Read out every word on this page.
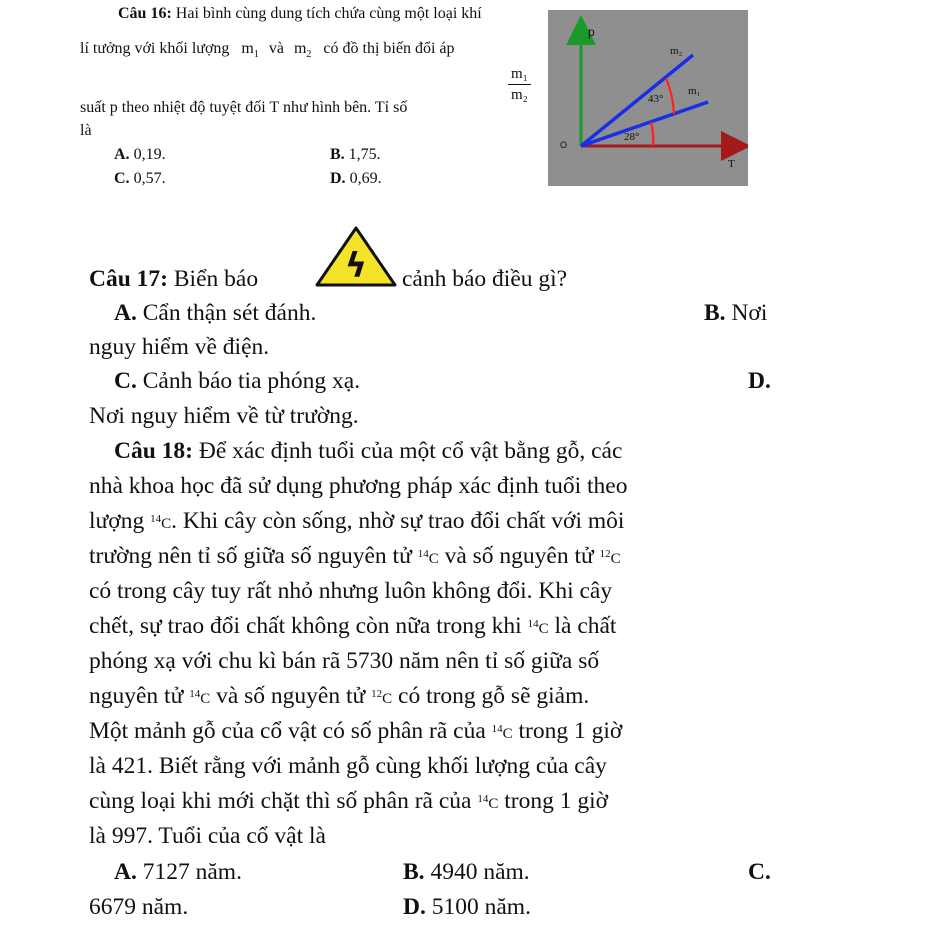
Câu 16: Hai bình cùng dung tích chứa cùng một loại khí
lí tưởng với khối lượng $m_1$ và $m_2$ có đồ thị biến đổi áp
suất p theo nhiệt độ tuyệt đối T như hình bên. Tỉ số
$\frac{\text{m₁}}{\text{m₂}}$
là
A. 0,19.	B. 1,75.
C. 0,57.	D. 0,69.
p
T
O
m₂
m₁
43°
28°
Câu 17: Biển báo	ϟ cảnh báo điều gì?
A. Cẩn thận sét đánh.	B. Nơi
nguy hiểm về điện.
C. Cảnh báo tia phóng xạ.	D.
Nơi nguy hiểm về từ trường.
Câu 18: Để xác định tuổi của một cổ vật bằng gỗ, các
nhà khoa học đã sử dụng phương pháp xác định tuổi theo
lượng $^{14}$C. Khi cây còn sống, nhờ sự trao đổi chất với môi
trường nên tỉ số giữa số nguyên tử $^{14}$C và số nguyên tử $^{12}$C
có trong cây tuy rất nhỏ nhưng luôn không đổi. Khi cây
chết, sự trao đổi chất không còn nữa trong khi $^{14}$C là chất
phóng xạ với chu kì bán rã 5730 năm nên tỉ số giữa số
nguyên tử $^{14}$C và số nguyên tử $^{12}$C có trong gỗ sẽ giảm.
Một mảnh gỗ của cổ vật có số phân rã của $^{14}$C trong 1 giờ
là 421. Biết rằng với mảnh gỗ cùng khối lượng của cây
cùng loại khi mới chặt thì số phân rã của $^{14}$C trong 1 giờ
là 997. Tuổi của cổ vật là
A. 7127 năm.	B. 4940 năm.	C.
6679 năm.	D. 5100 năm.
